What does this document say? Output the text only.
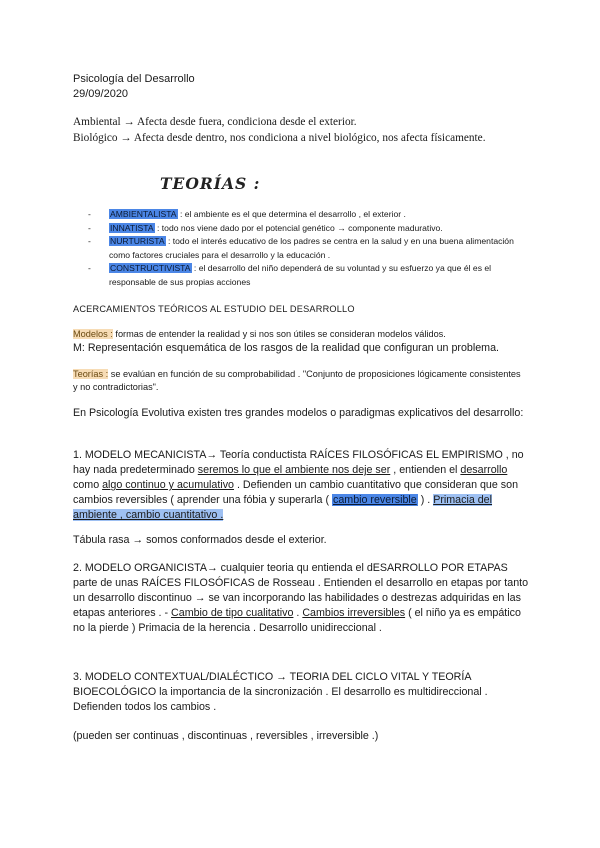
Psicología del Desarrollo
29/09/2020
Ambiental → Afecta desde fuera, condiciona desde el exterior.
Biológico → Afecta desde dentro, nos condiciona a nivel biológico, nos afecta físicamente.
TEORÍAS :
- AMBIENTALISTA : el ambiente es el que determina el desarrollo , el exterior .
- INNATISTA : todo nos viene dado por el potencial genético → componente madurativo.
- NURTURISTA : todo el interés educativo de los padres se centra en la salud y en una buena alimentación como factores cruciales para el desarrollo y la educación .
- CONSTRUCTIVISTA : el desarrollo del niño dependerá de su voluntad y su esfuerzo ya que él es el responsable de sus propias acciones
ACERCAMIENTOS TEÓRICOS AL ESTUDIO DEL DESARROLLO
Modelos : formas de entender la realidad y si nos son útiles se consideran modelos válidos.
M: Representación esquemática de los rasgos de la realidad que configuran un problema.
Teorías : se evalúan en función de su comprobabilidad . "Conjunto de proposiciones lógicamente consistentes y no contradictorias".
En Psicología Evolutiva existen tres grandes modelos o paradigmas explicativos del desarrollo:
1. MODELO MECANICISTA→ Teoría conductista RAÍCES FILOSÓFICAS EL EMPIRISMO , no hay nada predeterminado seremos lo que el ambiente nos deje ser , entienden el desarrollo como algo continuo y acumulativo . Defienden un cambio cuantitativo que consideran que son cambios reversibles ( aprender una fóbia y superarla ( cambio reversible ) . Primacia del ambiente , cambio cuantitativo .
Tábula rasa → somos conformados desde el exterior.
2. MODELO ORGANICISTA→ cualquier teoria qu entienda el dESARROLLO POR ETAPAS parte de unas RAÍCES FILOSÓFICAS de Rosseau . Entienden el desarrollo en etapas por tanto un desarrollo discontinuo → se van incorporando las habilidades o destrezas adquiridas en las etapas anteriores . - Cambio de tipo cualitativo . Cambios irreversibles ( el niño ya es empático no la pierde ) Primacia de la herencia . Desarrollo unidireccional .
3. MODELO CONTEXTUAL/DIALÉCTICO → TEORIA DEL CICLO VITAL Y TEORÍA BIOECOLÓGICO la importancia de la sincronización . El desarrollo es multidireccional . Defienden todos los cambios .
(pueden ser continuas , discontinuas , reversibles , irreversible .)
